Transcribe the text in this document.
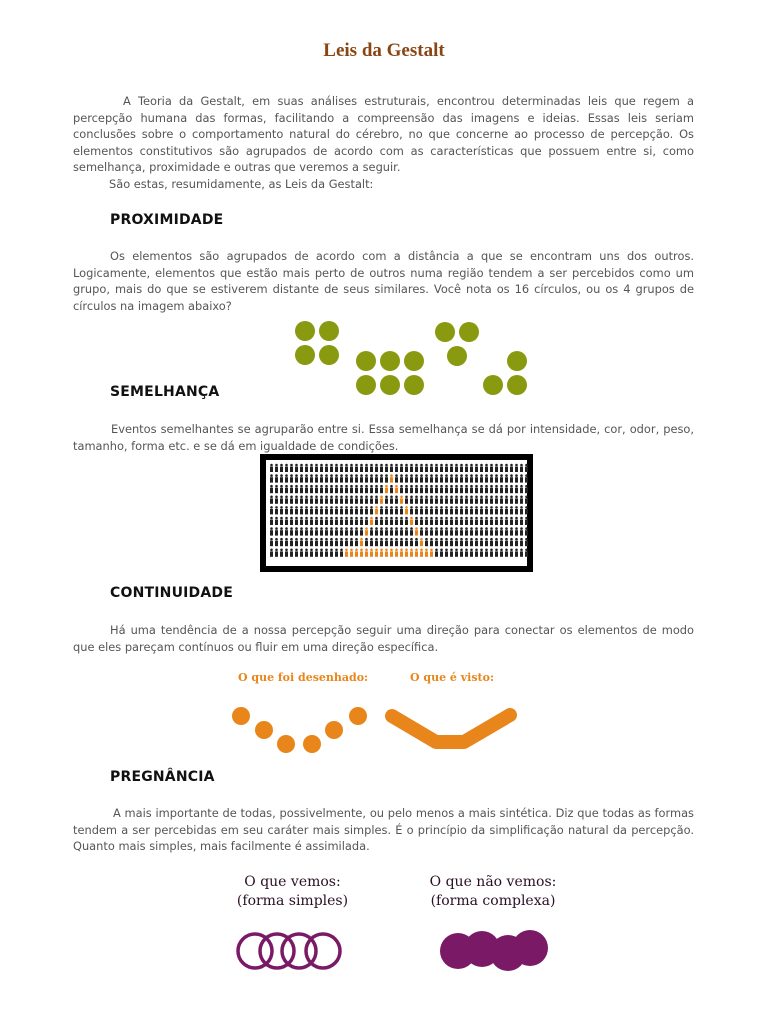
Leis da Gestalt

A Teoria da Gestalt, em suas análises estruturais, encontrou determinadas leis que regem a percepção humana das formas, facilitando a compreensão das imagens e ideias. Essas leis seriam conclusões sobre o comportamento natural do cérebro, no que concerne ao processo de percepção. Os elementos constitutivos são agrupados de acordo com as características que possuem entre si, como semelhança, proximidade e outras que veremos a seguir.

São estas, resumidamente, as Leis da Gestalt:

PROXIMIDADE

Os elementos são agrupados de acordo com a distância a que se encontram uns dos outros. Logicamente, elementos que estão mais perto de outros numa região tendem a ser percebidos como um grupo, mais do que se estiverem distante de seus similares. Você nota os 16 círculos, ou os 4 grupos de círculos na imagem abaixo?

SEMELHANÇA

Eventos semelhantes se agruparão entre si. Essa semelhança se dá por intensidade, cor, odor, peso, tamanho, forma etc. e se dá em igualdade de condições.

CONTINUIDADE

Há uma tendência de a nossa percepção seguir uma direção para conectar os elementos de modo que eles pareçam contínuos ou fluir em uma direção específica.

O que foi desenhado:	O que é visto:
PREGNÂNCIA

A mais importante de todas, possivelmente, ou pelo menos a mais sintética. Diz que todas as formas tendem a ser percebidas em seu caráter mais simples. É o princípio da simplificação natural da percepção. Quanto mais simples, mais facilmente é assimilada.

O que vemos:
(forma simples)
O que não vemos:
(forma complexa)
